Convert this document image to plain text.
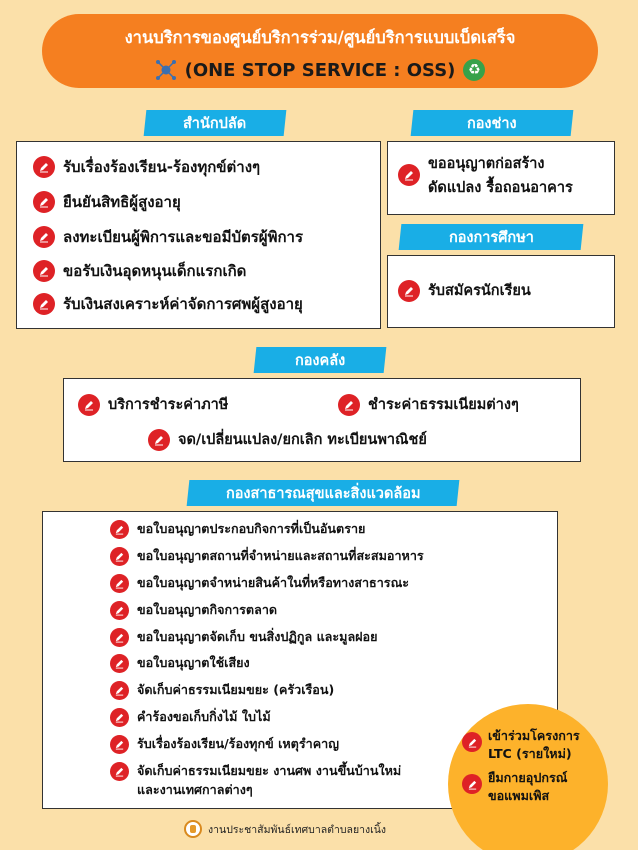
งานบริการของศูนย์บริการร่วม/ศูนย์บริการแบบเบ็ดเสร็จ
(ONE STOP SERVICE : OSS) ♻
สำนักปลัด
รับเรื่องร้องเรียน-ร้องทุกข์ต่างๆ
ยืนยันสิทธิผู้สูงอายุ
ลงทะเบียนผู้พิการและขอมีบัตรผู้พิการ
ขอรับเงินอุดหนุนเด็กแรกเกิด
รับเงินสงเคราะห์ค่าจัดการศพผู้สูงอายุ
กองช่าง
ขออนุญาตก่อสร้าง
ดัดแปลง รื้อถอนอาคาร
กองการศึกษา
รับสมัครนักเรียน
กองคลัง
บริการชำระค่าภาษี	ชำระค่าธรรมเนียมต่างๆ
จด/เปลี่ยนแปลง/ยกเลิก ทะเบียนพาณิชย์
กองสาธารณสุขและสิ่งแวดล้อม
ขอใบอนุญาตประกอบกิจการที่เป็นอันตราย
ขอใบอนุญาตสถานที่จำหน่ายและสถานที่สะสมอาหาร
ขอใบอนุญาตจำหน่ายสินค้าในที่หรือทางสาธารณะ
ขอใบอนุญาตกิจการตลาด
ขอใบอนุญาตจัดเก็บ ขนสิ่งปฏิกูล และมูลฝอย
ขอใบอนุญาตใช้เสียง
จัดเก็บค่าธรรมเนียมขยะ (ครัวเรือน)
คำร้องขอเก็บกิ่งไม้ ใบไม้
รับเรื่องร้องเรียน/ร้องทุกข์ เหตุรำคาญ
จัดเก็บค่าธรรมเนียมขยะ งานศพ งานขึ้นบ้านใหม่
และงานเทศกาลต่างๆ
เข้าร่วมโครงการ
LTC (รายใหม่)
ยืมกายอุปกรณ์
ขอแพมเพิส
งานประชาสัมพันธ์เทศบาลตำบลยางเนิ้ง
